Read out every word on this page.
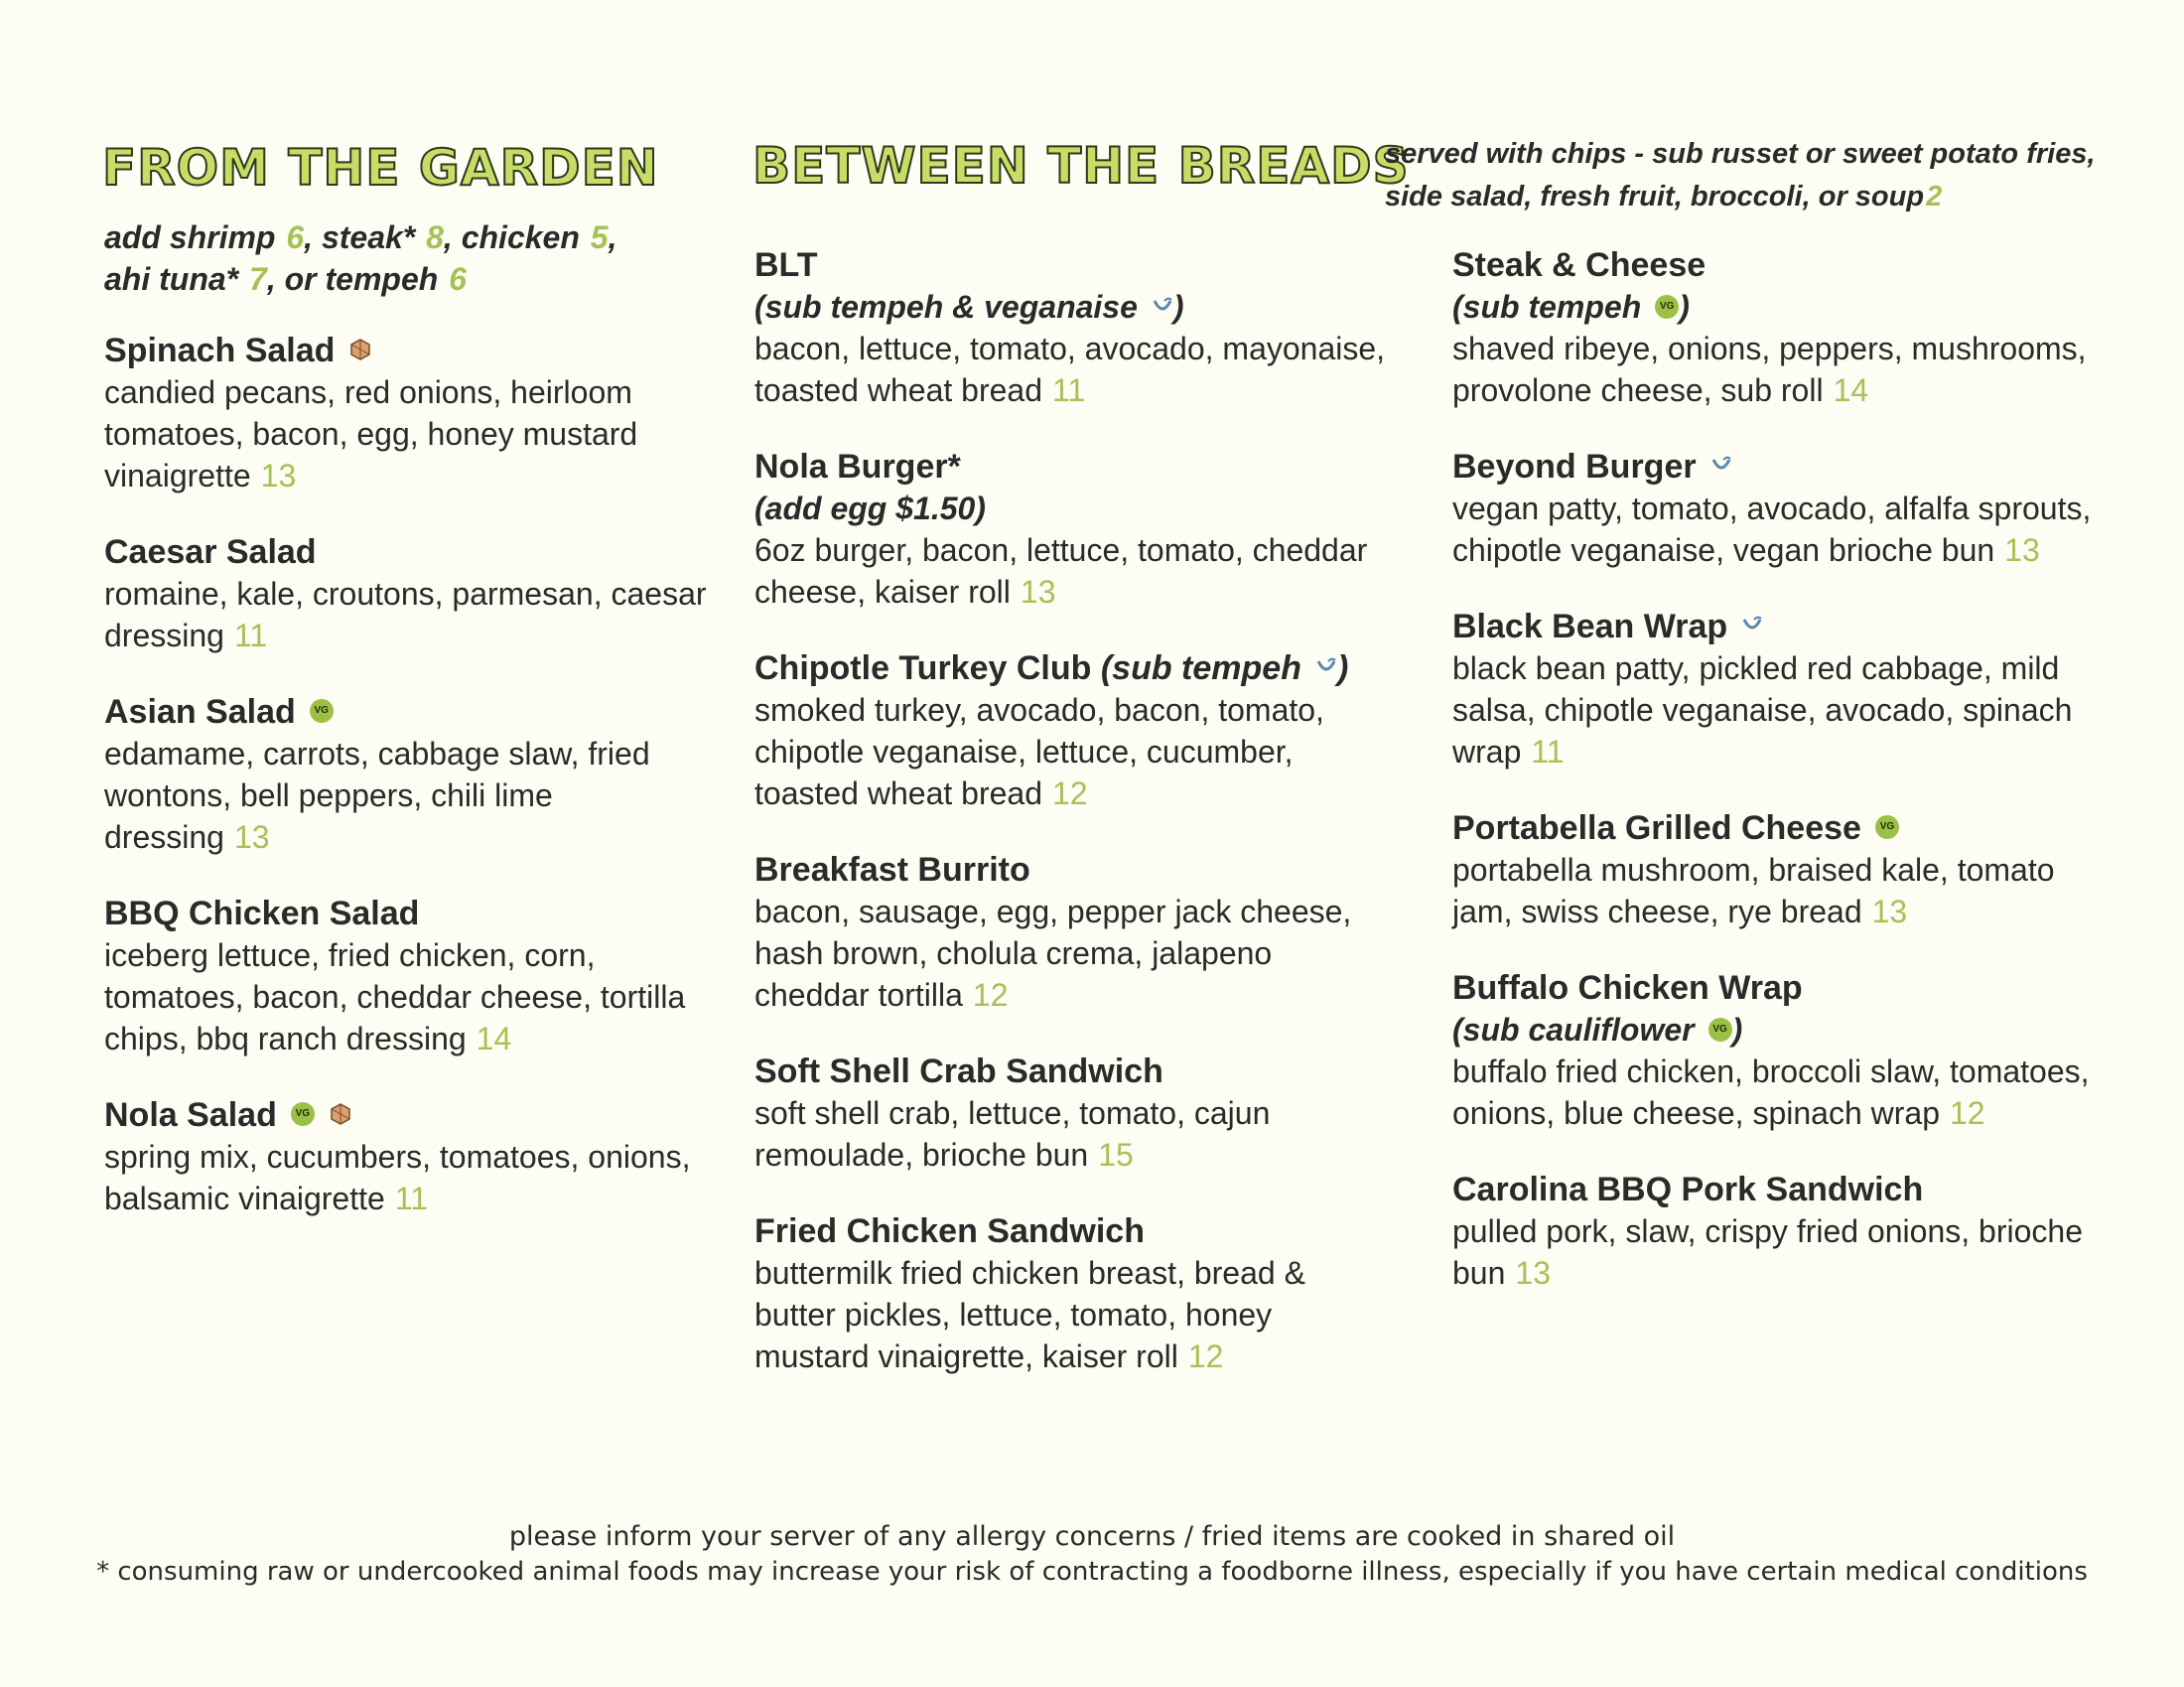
FROM THE GARDEN BETWEEN THE BREADS
served with chips - sub russet or sweet potato fries, side salad, fresh fruit, broccoli, or soup2
add shrimp 6, steak* 8, chicken 5,
ahi tuna* 7, or tempeh 6
Spinach Salad
candied pecans, red onions, heirloom tomatoes, bacon, egg, honey mustard vinaigrette 13
Caesar Salad
romaine, kale, croutons, parmesan, caesar dressing 11
Asian Salad VG
edamame, carrots, cabbage slaw, fried wontons, bell peppers, chili lime dressing 13
BBQ Chicken Salad
iceberg lettuce, fried chicken, corn, tomatoes, bacon, cheddar cheese, tortilla chips, bbq ranch dressing 14
Nola Salad VG
spring mix, cucumbers, tomatoes, onions, balsamic vinaigrette 11
BLT
(sub tempeh & veganaise )
bacon, lettuce, tomato, avocado, mayonaise, toasted wheat bread 11
Nola Burger*
(add egg $1.50)
6oz burger, bacon, lettuce, tomato, cheddar cheese, kaiser roll 13
Chipotle Turkey Club (sub tempeh )
smoked turkey, avocado, bacon, tomato, chipotle veganaise, lettuce, cucumber, toasted wheat bread 12
Breakfast Burrito
bacon, sausage, egg, pepper jack cheese, hash brown, cholula crema, jalapeno cheddar tortilla 12
Soft Shell Crab Sandwich
soft shell crab, lettuce, tomato, cajun remoulade, brioche bun 15
Fried Chicken Sandwich
buttermilk fried chicken breast, bread & butter pickles, lettuce, tomato, honey mustard vinaigrette, kaiser roll 12
Steak & Cheese
(sub tempeh VG )
shaved ribeye, onions, peppers, mushrooms, provolone cheese, sub roll 14
Beyond Burger
vegan patty, tomato, avocado, alfalfa sprouts, chipotle veganaise, vegan brioche bun 13
Black Bean Wrap
black bean patty, pickled red cabbage, mild salsa, chipotle veganaise, avocado, spinach wrap 11
Portabella Grilled Cheese VG
portabella mushroom, braised kale, tomato jam, swiss cheese, rye bread 13
Buffalo Chicken Wrap
(sub cauliflower VG )
buffalo fried chicken, broccoli slaw, tomatoes, onions, blue cheese, spinach wrap 12
Carolina BBQ Pork Sandwich
pulled pork, slaw, crispy fried onions, brioche bun 13

please inform your server of any allergy concerns / fried items are cooked in shared oil

* consuming raw or undercooked animal foods may increase your risk of contracting a foodborne illness, especially if you have certain medical conditions
